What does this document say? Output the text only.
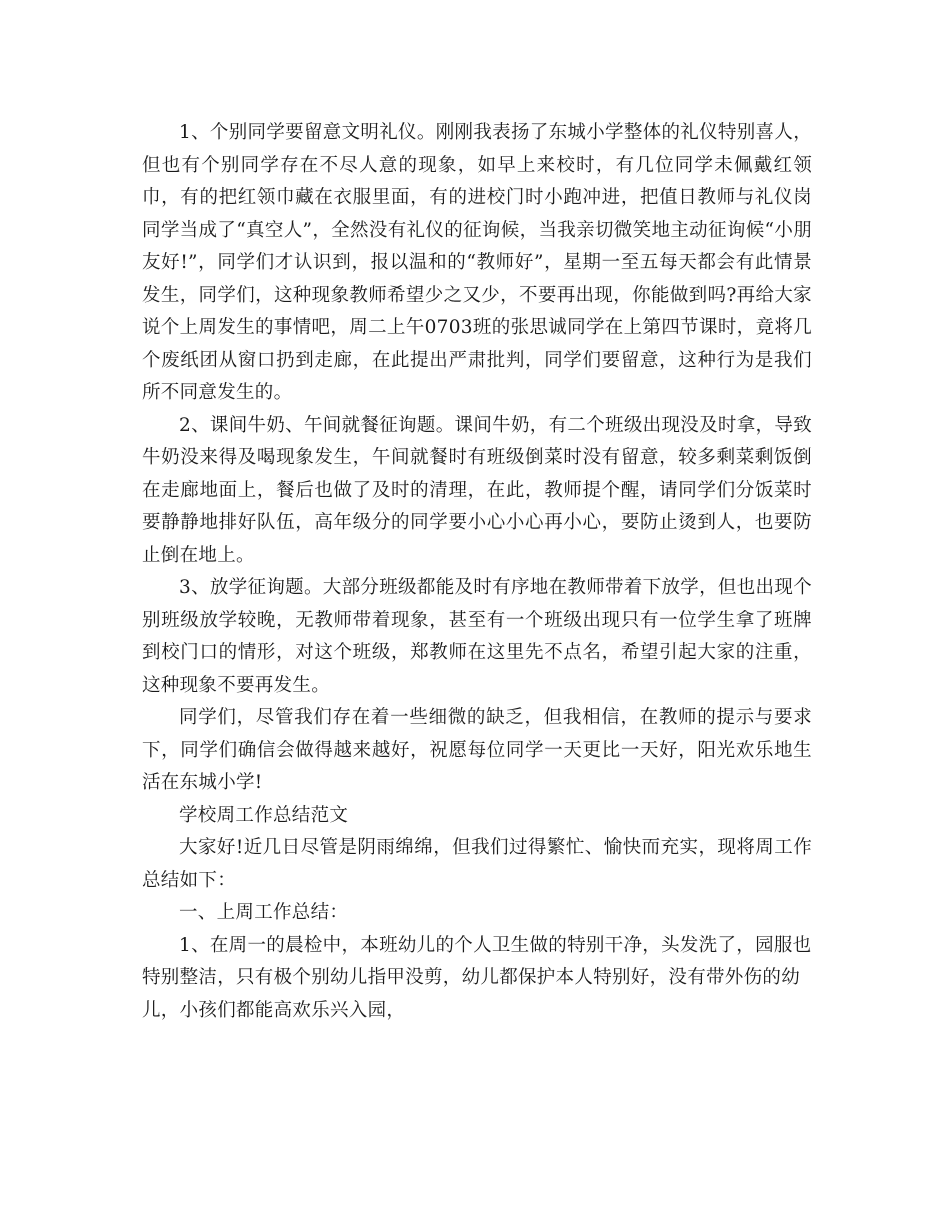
1、个别同学要留意文明礼仪。刚刚我表扬了东城小学整体的礼仪特别喜人，但也有个别同学存在不尽人意的现象，如早上来校时，有几位同学未佩戴红领巾，有的把红领巾藏在衣服里面，有的进校门时小跑冲进，把值日教师与礼仪岗同学当成了“真空人”，全然没有礼仪的征询候，当我亲切微笑地主动征询候“小朋友好!”，同学们才认识到，报以温和的“教师好”，星期一至五每天都会有此情景发生，同学们，这种现象教师希望少之又少，不要再出现，你能做到吗?再给大家说个上周发生的事情吧，周二上午0703班的张思诚同学在上第四节课时，竟将几个废纸团从窗口扔到走廊，在此提出严肃批判，同学们要留意，这种行为是我们所不同意发生的。

2、课间牛奶、午间就餐征询题。课间牛奶，有二个班级出现没及时拿，导致牛奶没来得及喝现象发生，午间就餐时有班级倒菜时没有留意，较多剩菜剩饭倒在走廊地面上，餐后也做了及时的清理，在此，教师提个醒，请同学们分饭菜时要静静地排好队伍，高年级分的同学要小心小心再小心，要防止烫到人，也要防止倒在地上。

3、放学征询题。大部分班级都能及时有序地在教师带着下放学，但也出现个别班级放学较晚，无教师带着现象，甚至有一个班级出现只有一位学生拿了班牌到校门口的情形，对这个班级，郑教师在这里先不点名，希望引起大家的注重，这种现象不要再发生。

同学们，尽管我们存在着一些细微的缺乏，但我相信，在教师的提示与要求下，同学们确信会做得越来越好，祝愿每位同学一天更比一天好，阳光欢乐地生活在东城小学!

学校周工作总结范文

大家好!近几日尽管是阴雨绵绵，但我们过得繁忙、愉快而充实，现将周工作总结如下：

一、上周工作总结：

1、在周一的晨检中，本班幼儿的个人卫生做的特别干净，头发洗了，园服也特别整洁，只有极个别幼儿指甲没剪，幼儿都保护本人特别好，没有带外伤的幼儿，小孩们都能高欢乐兴入园，
